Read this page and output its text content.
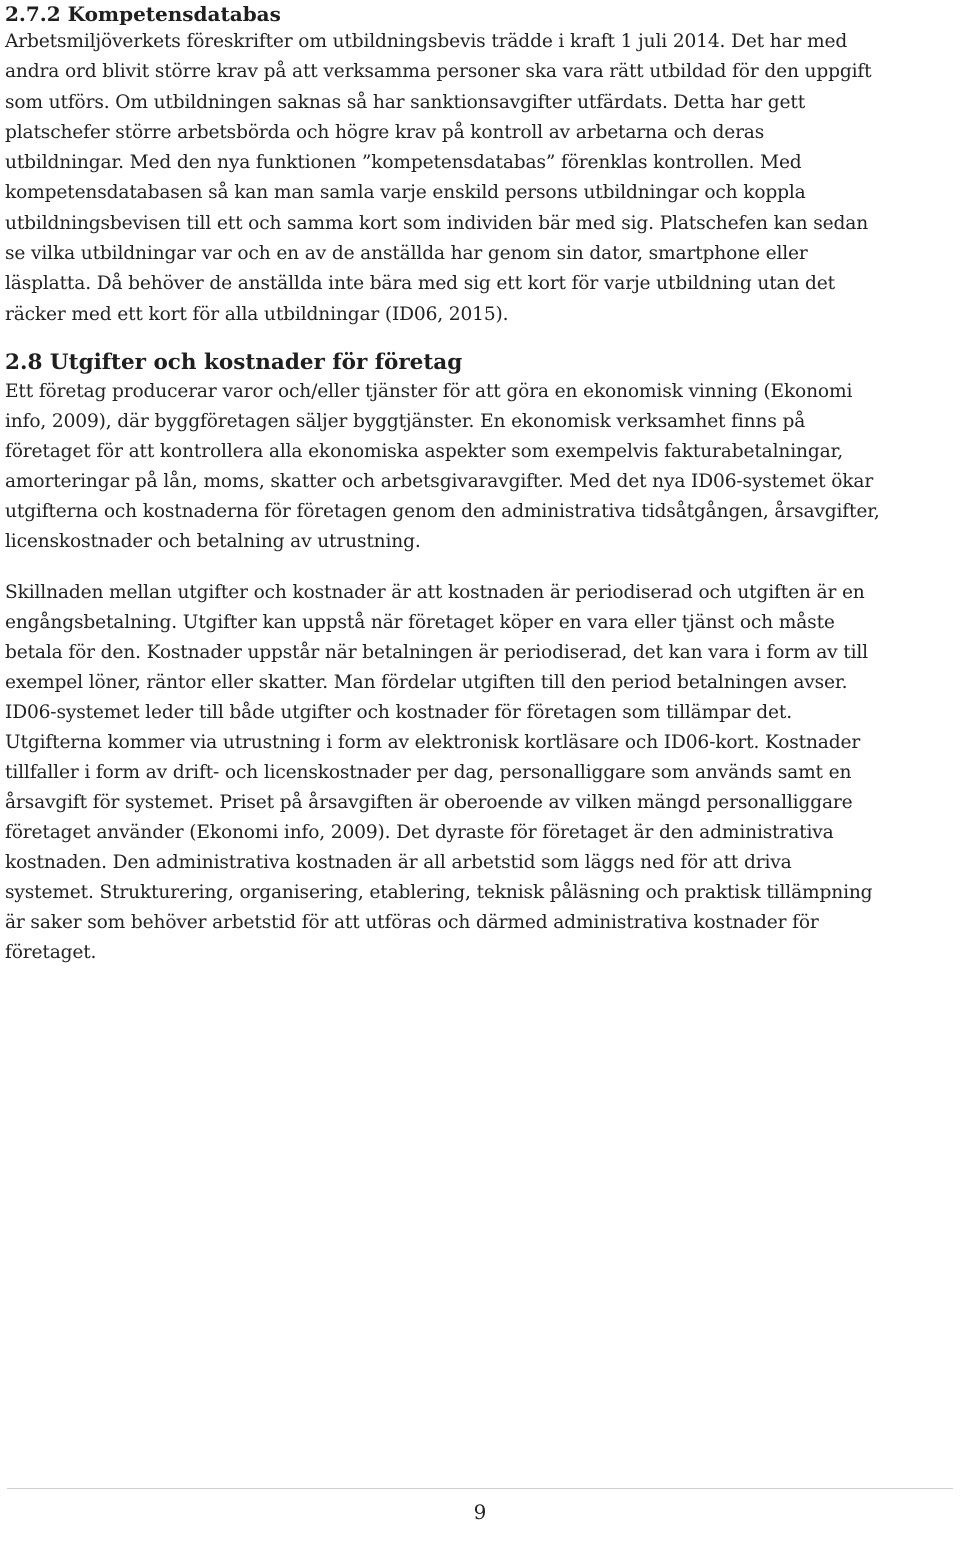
2.7.2 Kompetensdatabas

Arbetsmiljöverkets föreskrifter om utbildningsbevis trädde i kraft 1 juli 2014. Det har med
andra ord blivit större krav på att verksamma personer ska vara rätt utbildad för den uppgift
som utförs. Om utbildningen saknas så har sanktionsavgifter utfärdats. Detta har gett
platschefer större arbetsbörda och högre krav på kontroll av arbetarna och deras
utbildningar. Med den nya funktionen ”kompetensdatabas” förenklas kontrollen. Med
kompetensdatabasen så kan man samla varje enskild persons utbildningar och koppla
utbildningsbevisen till ett och samma kort som individen bär med sig. Platschefen kan sedan
se vilka utbildningar var och en av de anställda har genom sin dator, smartphone eller
läsplatta. Då behöver de anställda inte bära med sig ett kort för varje utbildning utan det
räcker med ett kort för alla utbildningar (ID06, 2015).

2.8 Utgifter och kostnader för företag

Ett företag producerar varor och/eller tjänster för att göra en ekonomisk vinning (Ekonomi
info, 2009), där byggföretagen säljer byggtjänster. En ekonomisk verksamhet finns på
företaget för att kontrollera alla ekonomiska aspekter som exempelvis fakturabetalningar,
amorteringar på lån, moms, skatter och arbetsgivaravgifter. Med det nya ID06-systemet ökar
utgifterna och kostnaderna för företagen genom den administrativa tidsåtgången, årsavgifter,
licenskostnader och betalning av utrustning.

Skillnaden mellan utgifter och kostnader är att kostnaden är periodiserad och utgiften är en
engångsbetalning. Utgifter kan uppstå när företaget köper en vara eller tjänst och måste
betala för den. Kostnader uppstår när betalningen är periodiserad, det kan vara i form av till
exempel löner, räntor eller skatter. Man fördelar utgiften till den period betalningen avser.
ID06-systemet leder till både utgifter och kostnader för företagen som tillämpar det.
Utgifterna kommer via utrustning i form av elektronisk kortläsare och ID06-kort. Kostnader
tillfaller i form av drift- och licenskostnader per dag, personalliggare som används samt en
årsavgift för systemet. Priset på årsavgiften är oberoende av vilken mängd personalliggare
företaget använder (Ekonomi info, 2009). Det dyraste för företaget är den administrativa
kostnaden. Den administrativa kostnaden är all arbetstid som läggs ned för att driva
systemet. Strukturering, organisering, etablering, teknisk påläsning och praktisk tillämpning
är saker som behöver arbetstid för att utföras och därmed administrativa kostnader för
företaget.

9
